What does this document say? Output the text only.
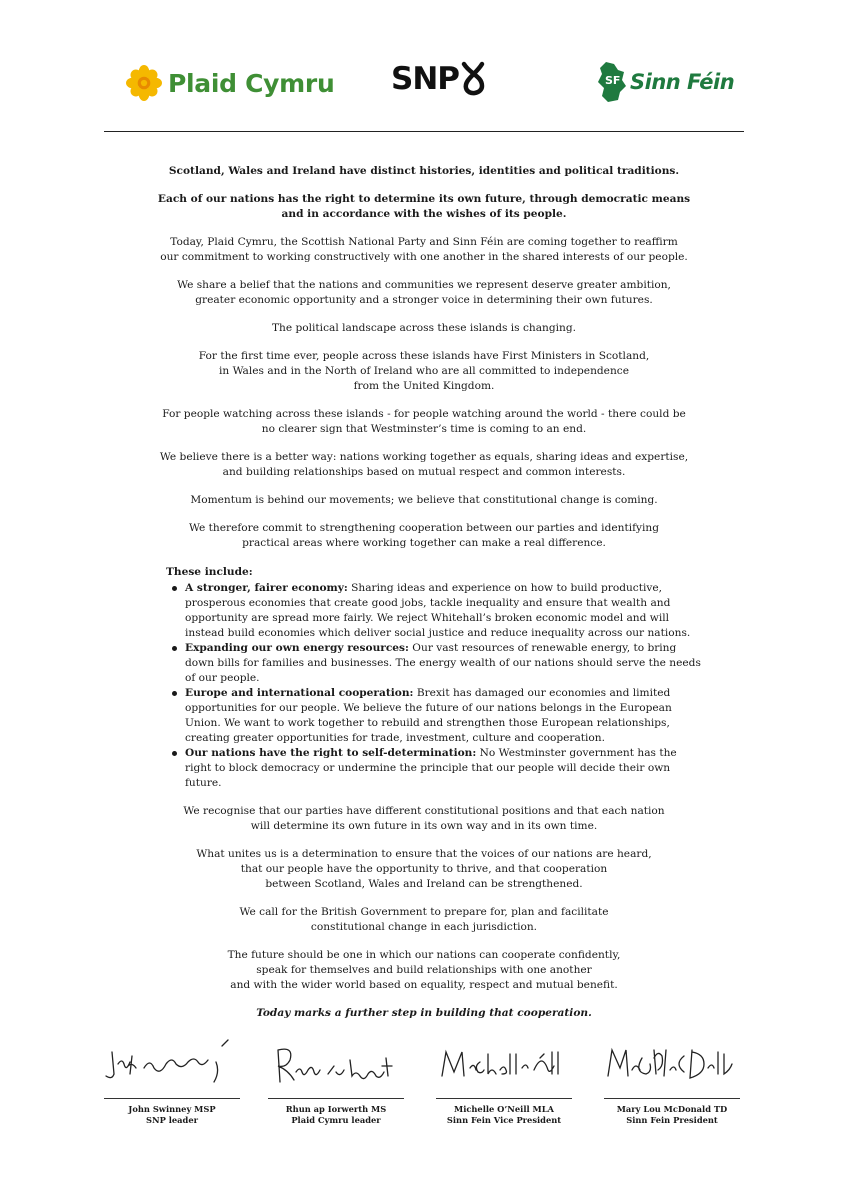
Plaid Cymru SNP	SF Sinn Féin

Scotland, Wales and Ireland have distinct histories, identities and political traditions.

Each of our nations has the right to determine its own future, through democratic means
and in accordance with the wishes of its people.

Today, Plaid Cymru, the Scottish National Party and Sinn Féin are coming together to reaffirm
our commitment to working constructively with one another in the shared interests of our people.

We share a belief that the nations and communities we represent deserve greater ambition,
greater economic opportunity and a stronger voice in determining their own futures.

The political landscape across these islands is changing.

For the first time ever, people across these islands have First Ministers in Scotland,
in Wales and in the North of Ireland who are all committed to independence
from the United Kingdom.

For people watching across these islands - for people watching around the world - there could be
no clearer sign that Westminster’s time is coming to an end.

We believe there is a better way: nations working together as equals, sharing ideas and expertise,
and building relationships based on mutual respect and common interests.

Momentum is behind our movements; we believe that constitutional change is coming.

We therefore commit to strengthening cooperation between our parties and identifying
practical areas where working together can make a real difference.

These include:
A stronger, fairer economy: Sharing ideas and experience on how to build productive, prosperous economies that create good jobs, tackle inequality and ensure that wealth and opportunity are spread more fairly. We reject Whitehall’s broken economic model and will instead build economies which deliver social justice and reduce inequality across our nations.
Expanding our own energy resources: Our vast resources of renewable energy, to bring down bills for families and businesses. The energy wealth of our nations should serve the needs of our people.
Europe and international cooperation: Brexit has damaged our economies and limited opportunities for our people. We believe the future of our nations belongs in the European Union. We want to work together to rebuild and strengthen those European relationships, creating greater opportunities for trade, investment, culture and cooperation.
Our nations have the right to self-determination: No Westminster government has the right to block democracy or undermine the principle that our people will decide their own future.

We recognise that our parties have different constitutional positions and that each nation
will determine its own future in its own way and in its own time.

What unites us is a determination to ensure that the voices of our nations are heard,
that our people have the opportunity to thrive, and that cooperation
between Scotland, Wales and Ireland can be strengthened.

We call for the British Government to prepare for, plan and facilitate
constitutional change in each jurisdiction.

The future should be one in which our nations can cooperate confidently,
speak for themselves and build relationships with one another
and with the wider world based on equality, respect and mutual benefit.

Today marks a further step in building that cooperation.

John Swinney MSP
SNP leader
Rhun ap Iorwerth MS
Plaid Cymru leader
Michelle O’Neill MLA
Sinn Fein Vice President
Mary Lou McDonald TD
Sinn Fein President
